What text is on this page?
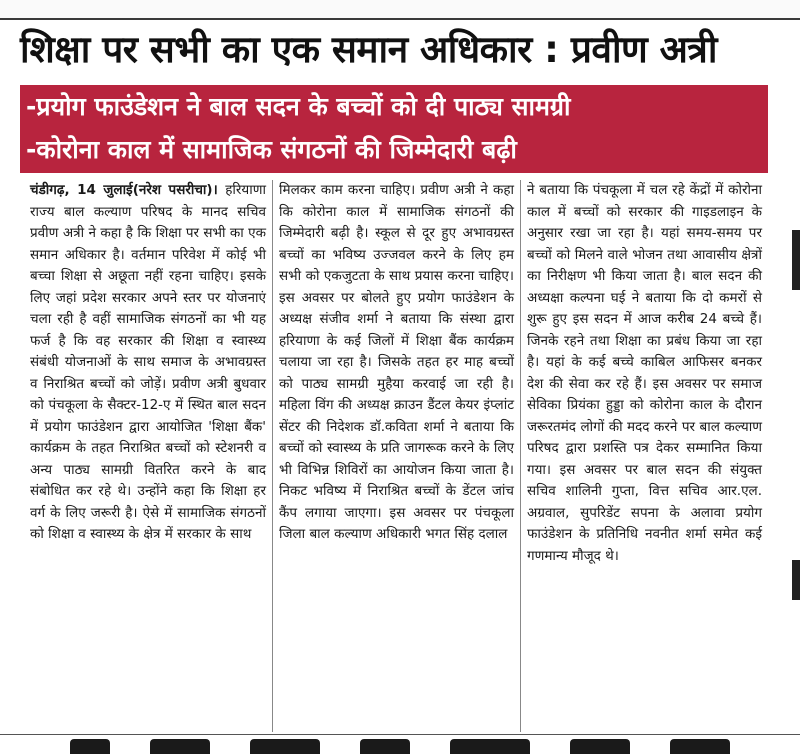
शिक्षा पर सभी का एक समान अधिकार : प्रवीण अत्री
-प्रयोग फाउंडेशन ने बाल सदन के बच्चों को दी पाठ्य सामग्री
-कोरोना काल में सामाजिक संगठनों की जिम्मेदारी बढ़ी
चंडीगढ़, 14 जुलाई(नरेश पसरीचा)। हरियाणा राज्य बाल कल्याण परिषद के मानद सचिव प्रवीण अत्री ने कहा है कि शिक्षा पर सभी का एक समान अधिकार है। वर्तमान परिवेश में कोई भी बच्चा शिक्षा से अछूता नहीं रहना चाहिए। इसके लिए जहां प्रदेश सरकार अपने स्तर पर योजनाएं चला रही है वहीं सामाजिक संगठनों का भी यह फर्ज है कि वह सरकार की शिक्षा व स्वास्थ्य संबंधी योजनाओं के साथ समाज के अभावग्रस्त व निराश्रित बच्चों को जोड़ें। प्रवीण अत्री बुधवार को पंचकूला के सैक्टर-12-ए में स्थित बाल सदन में प्रयोग फाउंडेशन द्वारा आयोजित 'शिक्षा बैंक' कार्यक्रम के तहत निराश्रित बच्चों को स्टेशनरी व अन्य पाठ्य सामग्री वितरित करने के बाद संबोधित कर रहे थे। उन्होंने कहा कि शिक्षा हर वर्ग के लिए जरूरी है। ऐसे में सामाजिक संगठनों को शिक्षा व स्वास्थ्य के क्षेत्र में सरकार के साथ
मिलकर काम करना चाहिए। प्रवीण अत्री ने कहा कि कोरोना काल में सामाजिक संगठनों की जिम्मेदारी बढ़ी है। स्कूल से दूर हुए अभावग्रस्त बच्चों का भविष्य उज्जवल करने के लिए हम सभी को एकजुटता के साथ प्रयास करना चाहिए। इस अवसर पर बोलते हुए प्रयोग फाउंडेशन के अध्यक्ष संजीव शर्मा ने बताया कि संस्था द्वारा हरियाणा के कई जिलों में शिक्षा बैंक कार्यक्रम चलाया जा रहा है। जिसके तहत हर माह बच्चों को पाठ्य सामग्री मुहैया करवाई जा रही है। महिला विंग की अध्यक्ष क्राउन डैंटल केयर इंप्लांट सेंटर की निदेशक डॉ.कविता शर्मा ने बताया कि बच्चों को स्वास्थ्य के प्रति जागरूक करने के लिए भी विभिन्न शिविरों का आयोजन किया जाता है। निकट भविष्य में निराश्रित बच्चों के डेंटल जांच कैंप लगाया जाएगा। इस अवसर पर पंचकूला जिला बाल कल्याण अधिकारी भगत सिंह दलाल
ने बताया कि पंचकूला में चल रहे केंद्रों में कोरोना काल में बच्चों को सरकार की गाइडलाइन के अनुसार रखा जा रहा है। यहां समय-समय पर बच्चों को मिलने वाले भोजन तथा आवासीय क्षेत्रों का निरीक्षण भी किया जाता है। बाल सदन की अध्यक्षा कल्पना घई ने बताया कि दो कमरों से शुरू हुए इस सदन में आज करीब 24 बच्चे हैं। जिनके रहने तथा शिक्षा का प्रबंध किया जा रहा है। यहां के कई बच्चे काबिल आफिसर बनकर देश की सेवा कर रहे हैं। इस अवसर पर समाज सेविका प्रियंका हुड्डा को कोरोना काल के दौरान जरूरतमंद लोगों की मदद करने पर बाल कल्याण परिषद द्वारा प्रशस्ति पत्र देकर सम्मानित किया गया। इस अवसर पर बाल सदन की संयुक्त सचिव शालिनी गुप्ता, वित्त सचिव आर.एल. अग्रवाल, सुपरिडेंट सपना के अलावा प्रयोग फाउंडेशन के प्रतिनिधि नवनीत शर्मा समेत कई गणमान्य मौजूद थे।
